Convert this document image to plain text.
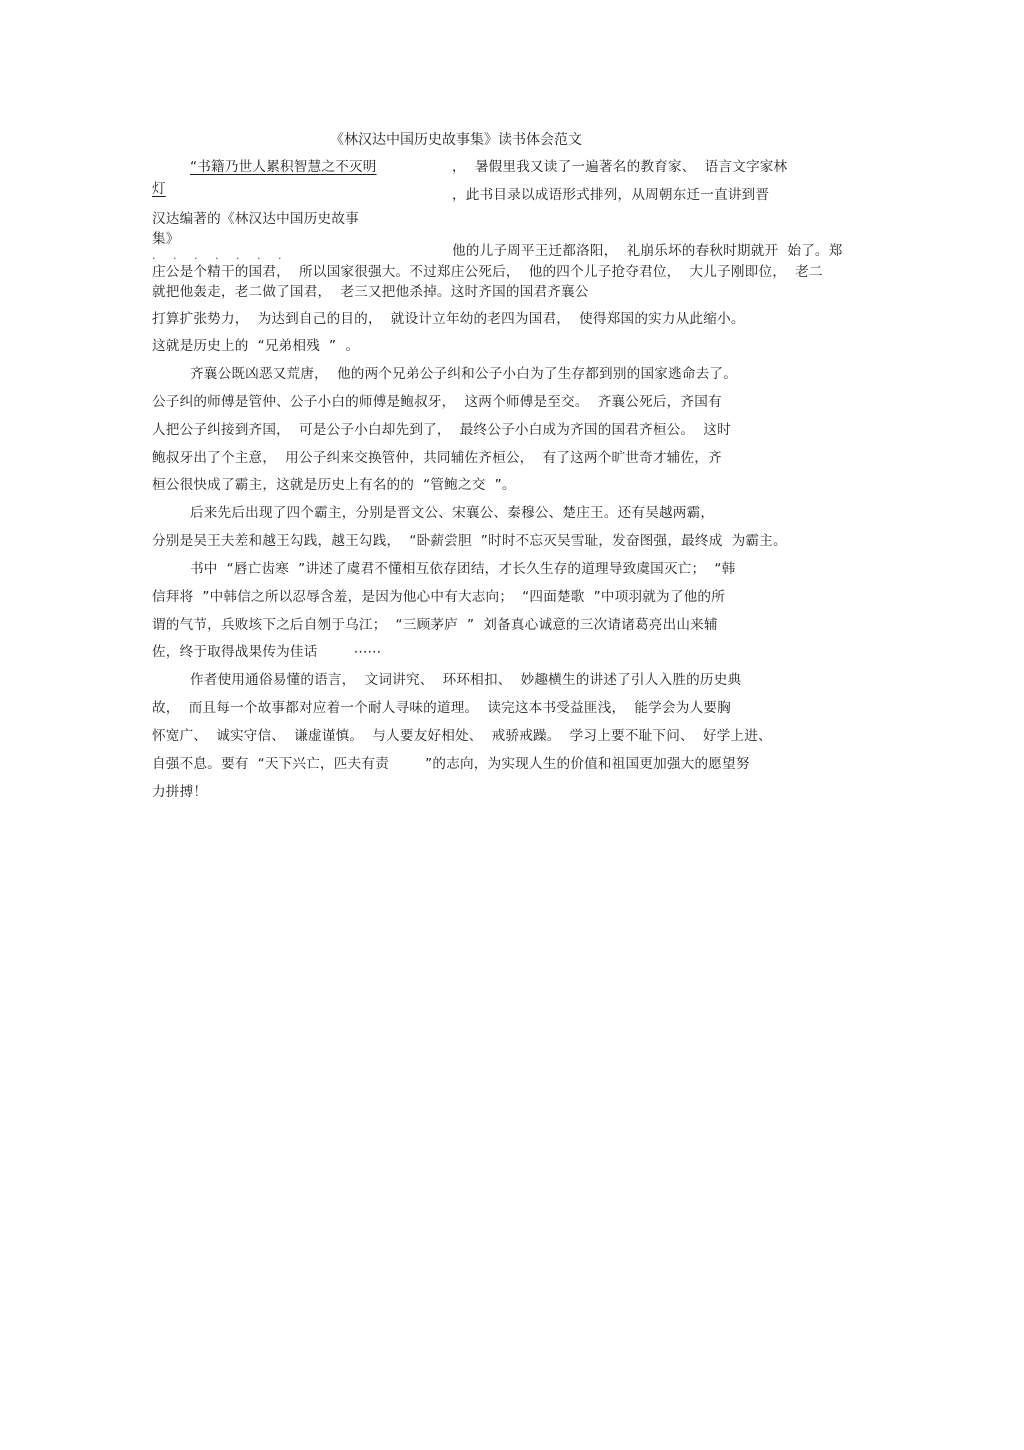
《林汉达中国历史故事集》读书体会范文
“书籍乃世人累积智慧之不灭明	，  暑假里我又读了一遍著名的教育家、  语言文字家林
灯	，此书目录以成语形式排列，从周朝东迁一直讲到晋
汉达编著的《林汉达中国历史故事
集》
· · · · · · ·	他的儿子周平王迁都洛阳，  礼崩乐坏的春秋时期就开  始了。郑
庄公是个精干的国君，  所以国家很强大。不过郑庄公死后，  他的四个儿子抢夺君位，  大儿子刚即位，  老二
就把他轰走，老二做了国君，  老三又把他杀掉。这时齐国的国君齐襄公
打算扩张势力，  为达到自己的目的，  就设计立年幼的老四为国君，  使得郑国的实力从此缩小。
这就是历史上的  “兄弟相残  ”  。
齐襄公既凶恶又荒唐，  他的两个兄弟公子纠和公子小白为了生存都到别的国家逃命去了。
公子纠的师傅是管仲、公子小白的师傅是鲍叔牙，  这两个师傅是至交。  齐襄公死后，齐国有
人把公子纠接到齐国，  可是公子小白却先到了，  最终公子小白成为齐国的国君齐桓公。  这时
鲍叔牙出了个主意，  用公子纠来交换管仲，共同辅佐齐桓公，  有了这两个旷世奇才辅佐，齐
桓公很快成了霸主，这就是历史上有名的的  “管鲍之交  ”。
后来先后出现了四个霸主，分别是晋文公、宋襄公、秦穆公、楚庄王。还有吴越两霸，
分别是吴王夫差和越王勾践，越王勾践，  “卧薪尝胆  ”时时不忘灭吴雪耻，发奋图强，最终成  为霸主。
书中  “唇亡齿寒  ”讲述了虞君不懂相互依存团结，才长久生存的道理导致虞国灭亡；  “韩
信拜将  ”中韩信之所以忍辱含羞，是因为他心中有大志向；  “四面楚歌  ”中项羽就为了他的所
谓的气节，兵败垓下之后自刎于乌江；  “三顾茅庐  ”  刘备真心诚意的三次请诸葛亮出山来辅
佐，终于取得战果传为佳话        ⋯⋯
作者使用通俗易懂的语言，  文词讲究、  环环相扣、  妙趣横生的讲述了引人入胜的历史典
故，  而且每一个故事都对应着一个耐人寻味的道理。  读完这本书受益匪浅，  能学会为人要胸
怀宽广、  诚实守信、  谦虚谨慎。  与人要友好相处、  戒骄戒躁。  学习上要不耻下问、  好学上进、
自强不息。要有  “天下兴亡，匹夫有责        ”的志向，为实现人生的价值和祖国更加强大的愿望努
力拼搏！
